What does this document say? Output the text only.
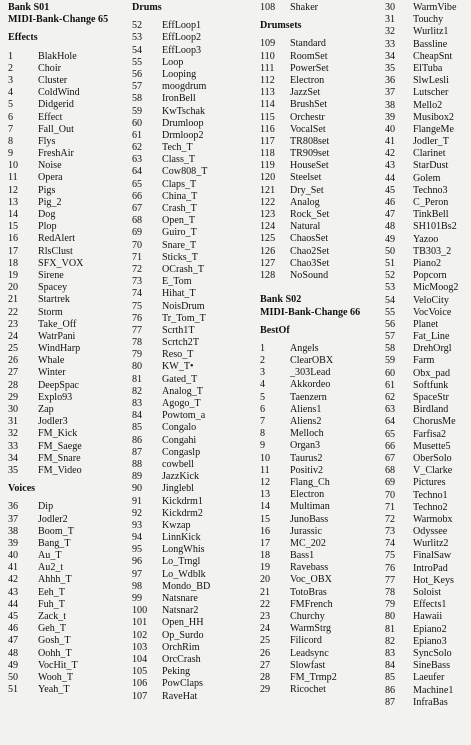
Bank S01
MIDI-Bank-Change 65
Effects
1	BlakHole
2	Choir
3	Cluster
4	ColdWind
5	Didgerid
6	Effect
7	Fall_Out
8	Flys
9	FreshAir
10	Noise
11	Opera
12	Pigs
13	Pig_2
14	Dog
15	Plop
16	RedAlert
17	RlsClust
18	SFX_VOX
19	Sirene
20	Spacey
21	Startrek
22	Storm
23	Take_Off
24	WatrPani
25	WindHarp
26	Whale
27	Winter
28	DeepSpac
29	Explo93
30	Zap
31	Jodler3
32	FM_Kick
33	FM_Saege
34	FM_Snare
35	FM_Video
Voices
36	Dip
37	Jodler2
38	Boom_T
39	Bang_T
40	Au_T
41	Au2_t
42	Ahhh_T
43	Eeh_T
44	Fuh_T
45	Zack_t
46	Geh_T
47	Gosh_T
48	Oohh_T
49	VocHit_T
50	Wooh_T
51	Yeah_T
Drums
52	EffLoop1
53	EffLoop2
54	EffLoop3
55	Loop
56	Looping
57	moogdrum
58	IronBell
59	KwTschak
60	Drumloop
61	Drmloop2
62	Tech_T
63	Class_T
64	Cow808_T
65	Claps_T
66	China_T
67	Crash_T
68	Open_T
69	Guiro_T
70	Snare_T
71	Sticks_T
72	OCrash_T
73	E_Tom
74	Hihat_T
75	NoisDrum
76	Tr_Tom_T
77	Scrth1T
78	Scrtch2T
79	Reso_T
80	KW_T•
81	Gated_T
82	Analog_T
83	Agogo_T
84	Powtom_a
85	Congalo
86	Congahi
87	Congaslp
88	cowbell
89	JazzKick
90	Jinglebl
91	Kickdrm1
92	Kickdrm2
93	Kwzap
94	LinnKick
95	LongWhis
96	Lo_Trngl
97	Lo_Wdblk
98	Mondo_BD
99	Natsnare
100	Natsnar2
101	Open_HH
102	Op_Surdo
103	OrchRim
104	OrcCrash
105	Peking
106	PowClaps
107	RaveHat
108	Shaker
Drumsets
109	Standard
110	RoomSet
111	PowerSet
112	Electron
113	JazzSet
114	BrushSet
115	Orchestr
116	VocalSet
117	TR808set
118	TR909set
119	HouseSet
120	Steelset
121	Dry_Set
122	Analog
123	Rock_Set
124	Natural
125	ChaosSet
126	Chao2Set
127	Chao3Set
128	NoSound
Bank S02
MIDI-Bank-Change 66
BestOf
1	Angels
2	ClearOBX
3	_303Lead
4	Akkordeo
5	Taenzern
6	Aliens1
7	Aliens2
8	Melloch
9	Organ3
10	Taurus2
11	Positiv2
12	Flang_Ch
13	Electron
14	Multiman
15	JunoBass
16	Jurassic
17	MC_202
18	Bass1
19	Ravebass
20	Voc_OBX
21	TotoBras
22	FMFrench
23	Churchy
24	WarmStrg
25	Filicord
26	Leadsync
27	Slowfast
28	FM_Trmp2
29	Ricochet
30	WarmVibe
31	Touchy
32	Wurlitz1
33	Bassline
34	CheapSnt
35	ElTuba
36	SlwLesli
37	Lutscher
38	Mello2
39	Musibox2
40	FlangeMe
41	Jodler_T
42	Clarinet
43	StarDust
44	Golem
45	Techno3
46	C_Peron
47	TinkBell
48	SH101Bs2
49	Yazoo
50	TB303_2
51	Piano2
52	Popcorn
53	MicMoog2
54	VeloCity
55	VocVoice
56	Planet
57	Fat_Line
58	DrehOrgl
59	Farm
60	Obx_pad
61	Softfunk
62	SpaceStr
63	Birdland
64	ChorusMe
65	Farfisa2
66	Musette5
67	OberSolo
68	V_Clarke
69	Pictures
70	Techno1
71	Techno2
72	Warmobx
73	Odyssee
74	Wurlitz2
75	FinalSaw
76	IntroPad
77	Hot_Keys
78	Soloist
79	Effects1
80	Hawaii
81	Epiano2
82	Epiano3
83	SyncSolo
84	SineBass
85	Laeufer
86	Machine1
87	InfraBas
